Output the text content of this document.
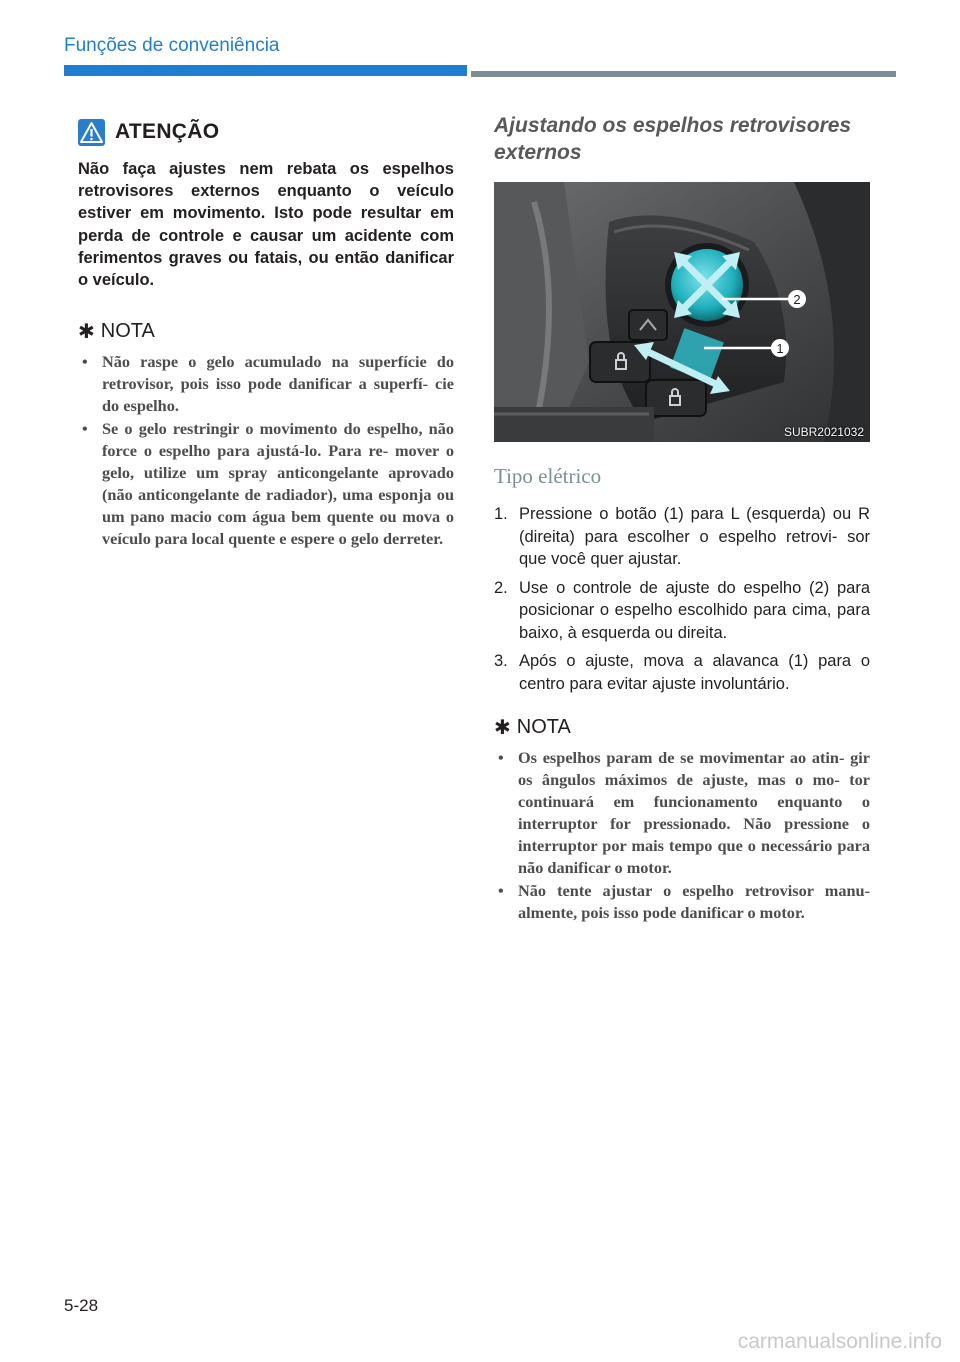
Funções de conveniência
ATENÇÃO

Não faça ajustes nem rebata os espelhos retrovisores externos enquanto o veículo estiver em movimento. Isto pode resultar em perda de controle e causar um acidente com ferimentos graves ou fatais, ou então danificar o veículo.

✱ NOTA
• Não raspe o gelo acumulado na superfície do retrovisor, pois isso pode danificar a superfí- cie do espelho.
• Se o gelo restringir o movimento do espelho, não force o espelho para ajustá-lo. Para re- mover o gelo, utilize um spray anticongelante aprovado (não anticongelante de radiador), uma esponja ou um pano macio com água bem quente ou mova o veículo para local quente e espere o gelo derreter.
Ajustando os espelhos retrovisores externos
2
1
SUBR2021032
Tipo elétrico
1. Pressione o botão (1) para L (esquerda) ou R (direita) para escolher o espelho retrovi- sor que você quer ajustar.
2. Use o controle de ajuste do espelho (2) para posicionar o espelho escolhido para cima, para baixo, à esquerda ou direita.
3. Após o ajuste, mova a alavanca (1) para o centro para evitar ajuste involuntário.
✱ NOTA
• Os espelhos param de se movimentar ao atin- gir os ângulos máximos de ajuste, mas o mo- tor continuará em funcionamento enquanto o interruptor for pressionado. Não pressione o interruptor por mais tempo que o necessário para não danificar o motor.
• Não tente ajustar o espelho retrovisor manu- almente, pois isso pode danificar o motor.
5-28
carmanualsonline.info
